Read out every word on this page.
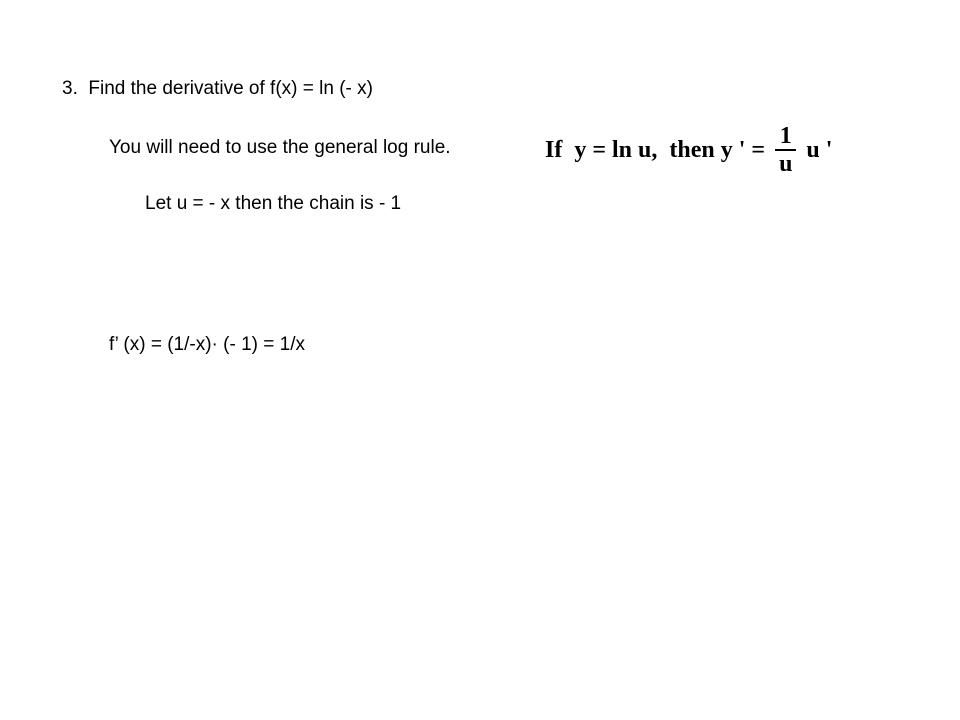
3.  Find the derivative of f(x) = ln (- x)
You will need to use the general log rule.
Let u = - x then the chain is - 1
f’ (x) = (1/-x)· (- 1) = 1/x
If  y = ln u,  then y ' = $\frac{1}{u}$ u '
